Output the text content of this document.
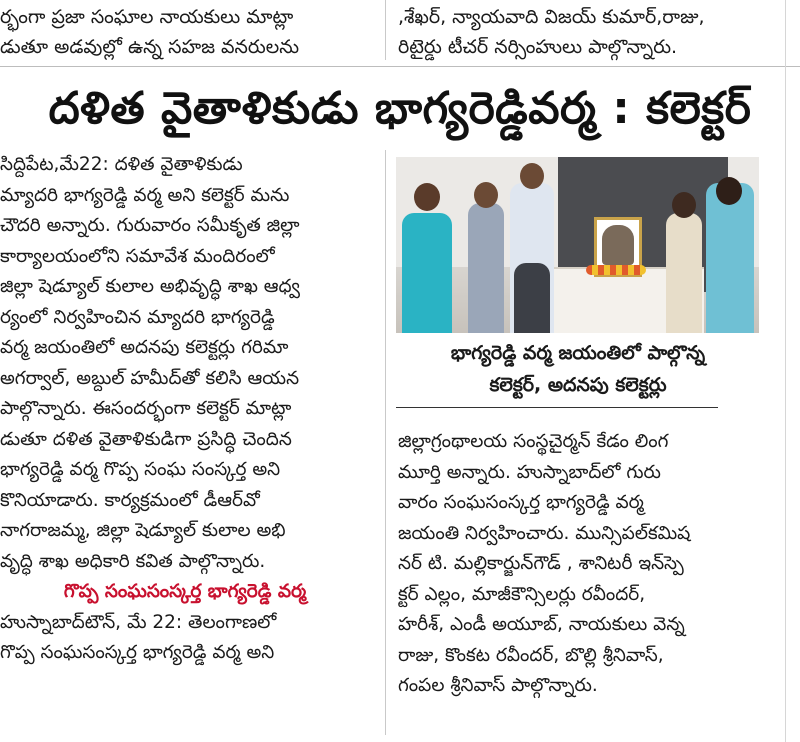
ర్భంగా ప్రజా సంఘాల నాయకులు మాట్లా
డుతూ అడవుల్లో ఉన్న సహజ వనరులను
,శేఖర్, న్యాయవాది విజయ్ కుమార్,రాజు,
రిటైర్డు టీచర్ నర్సింహులు పాల్గొన్నారు.
దళిత వైతాళికుడు భాగ్యరెడ్డివర్మ : కలెక్టర్
సిద్దిపేట,మే22: దళిత వైతాళికుడు
మ్యాదరి భాగ్యరెడ్డి వర్మ అని కలెక్టర్ మను
చౌదరి అన్నారు. గురువారం సమీకృత జిల్లా
కార్యాలయంలోని సమావేశ మందిరంలో
జిల్లా షెడ్యూల్ కులాల అభివృద్ధి శాఖ ఆధ్వ
ర్యంలో నిర్వహించిన మ్యాదరి భాగ్యరెడ్డి
వర్మ జయంతిలో అదనపు కలెక్టర్లు గరిమా
అగర్వాల్, అబ్దుల్ హమీద్‌తో కలిసి ఆయన
పాల్గొన్నారు. ఈసందర్భంగా కలెక్టర్ మాట్లా
డుతూ దళిత వైతాళికుడిగా ప్రసిద్ధి చెందిన
భాగ్యరెడ్డి వర్మ గొప్ప సంఘ సంస్కర్త అని
కొనియాడారు. కార్యక్రమంలో డీఆర్‌వో
నాగరాజమ్మ, జిల్లా షెడ్యూల్ కులాల అభి
వృద్ధి శాఖ అధికారి కవిత పాల్గొన్నారు.
గొప్ప సంఘసంస్కర్త భాగ్యరెడ్డి వర్మ
హుస్నాబాద్‌టౌన్, మే 22: తెలంగాణలో
గొప్ప సంఘసంస్కర్త భాగ్యరెడ్డి వర్మ అని
భాగ్యరెడ్డి వర్మ జయంతిలో పాల్గొన్న
కలెక్టర్, అదనపు కలెక్టర్లు
జిల్లాగ్రంథాలయ సంస్థచైర్మన్ కేడం లింగ
మూర్తి అన్నారు. హుస్నాబాద్‌లో గురు
వారం సంఘసంస్కర్త భాగ్యరెడ్డి వర్మ
జయంతి నిర్వహించారు. మున్సిపల్‌కమిష
నర్ టి. మల్లికార్జున్‌గౌడ్ , శానిటరీ ఇన్‌స్పె
క్టర్ ఎల్లం, మాజీకౌన్సిలర్లు రవీందర్,
హరీశ్, ఎండీ అయూబ్, నాయకులు వెన్న
రాజు, కొంకట రవీందర్, బొల్లి శ్రీనివాస్,
గంపల శ్రీనివాస్ పాల్గొన్నారు.
